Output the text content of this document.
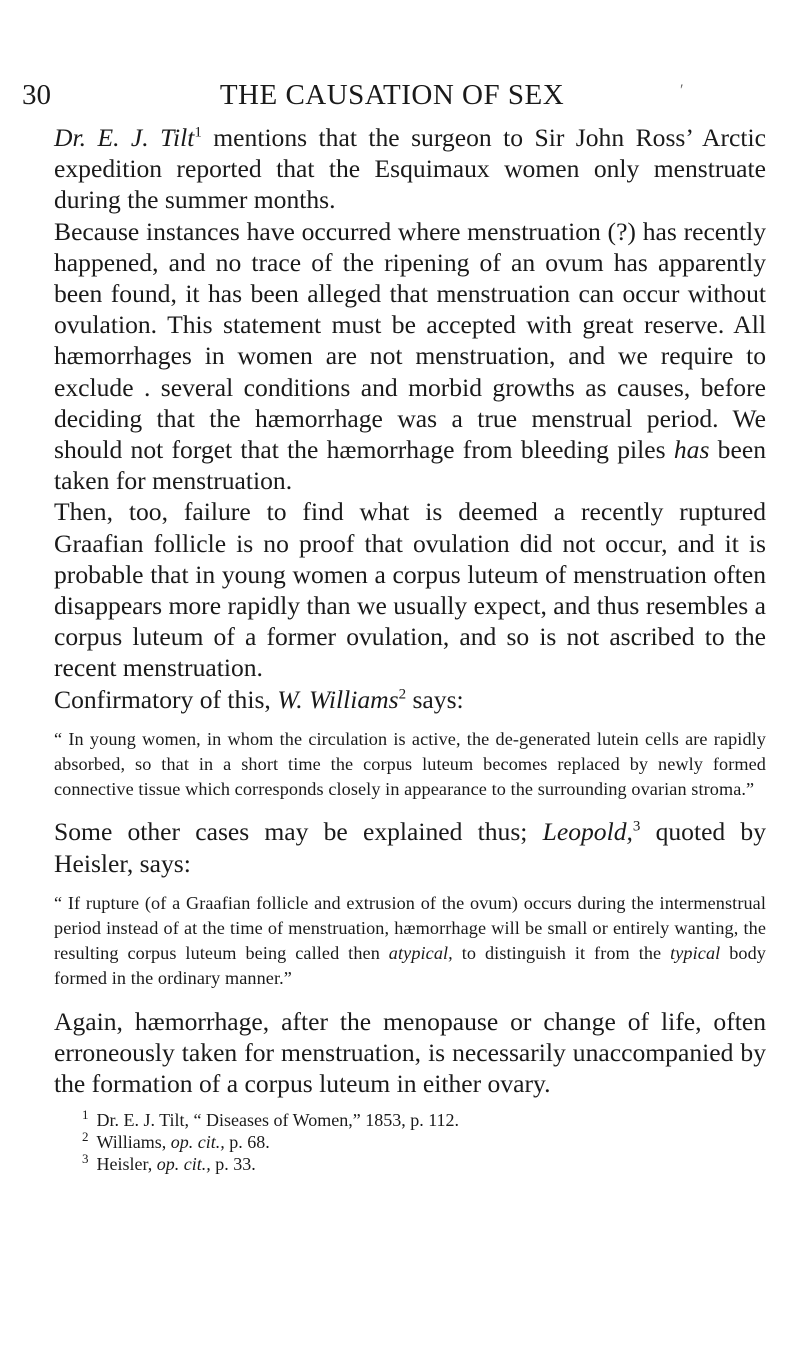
30	THE CAUSATION OF SEX	′

Dr. E. J. Tilt$^1$ mentions that the surgeon to Sir John Ross’ Arctic expedition reported that the Esquimaux women only menstruate during the summer months.

Because instances have occurred where menstruation (?) has recently happened, and no trace of the ripening of an ovum has apparently been found, it has been alleged that menstruation can occur without ovulation. This statement must be accepted with great reserve. All hæmorrhages in women are not menstruation, and we require to exclude . several conditions and morbid growths as causes, before deciding that the hæmorrhage was a true menstrual period. We should not forget that the hæmorrhage from bleeding piles has been taken for menstruation.

Then, too, failure to find what is deemed a recently ruptured Graafian follicle is no proof that ovulation did not occur, and it is probable that in young women a corpus luteum of menstruation often disappears more rapidly than we usually expect, and thus resembles a corpus luteum of a former ovulation, and so is not ascribed to the recent menstruation.

Confirmatory of this, W. Williams$^2$ says:

“ In young women, in whom the circulation is active, the de-generated lutein cells are rapidly absorbed, so that in a short time the corpus luteum becomes replaced by newly formed connective tissue which corresponds closely in appearance to the surrounding ovarian stroma.”

Some other cases may be explained thus; Leopold,$^3$ quoted by Heisler, says:

“ If rupture (of a Graafian follicle and extrusion of the ovum) occurs during the intermenstrual period instead of at the time of menstruation, hæmorrhage will be small or entirely wanting, the resulting corpus luteum being called then atypical, to distinguish it from the typical body formed in the ordinary manner.”

Again, hæmorrhage, after the menopause or change of life, often erroneously taken for menstruation, is necessarily unaccompanied by the formation of a corpus luteum in either ovary.

$^1$ Dr. E. J. Tilt, “ Diseases of Women,” 1853, p. 112.

$^2$ Williams, op. cit., p. 68.

$^3$ Heisler, op. cit., p. 33.
